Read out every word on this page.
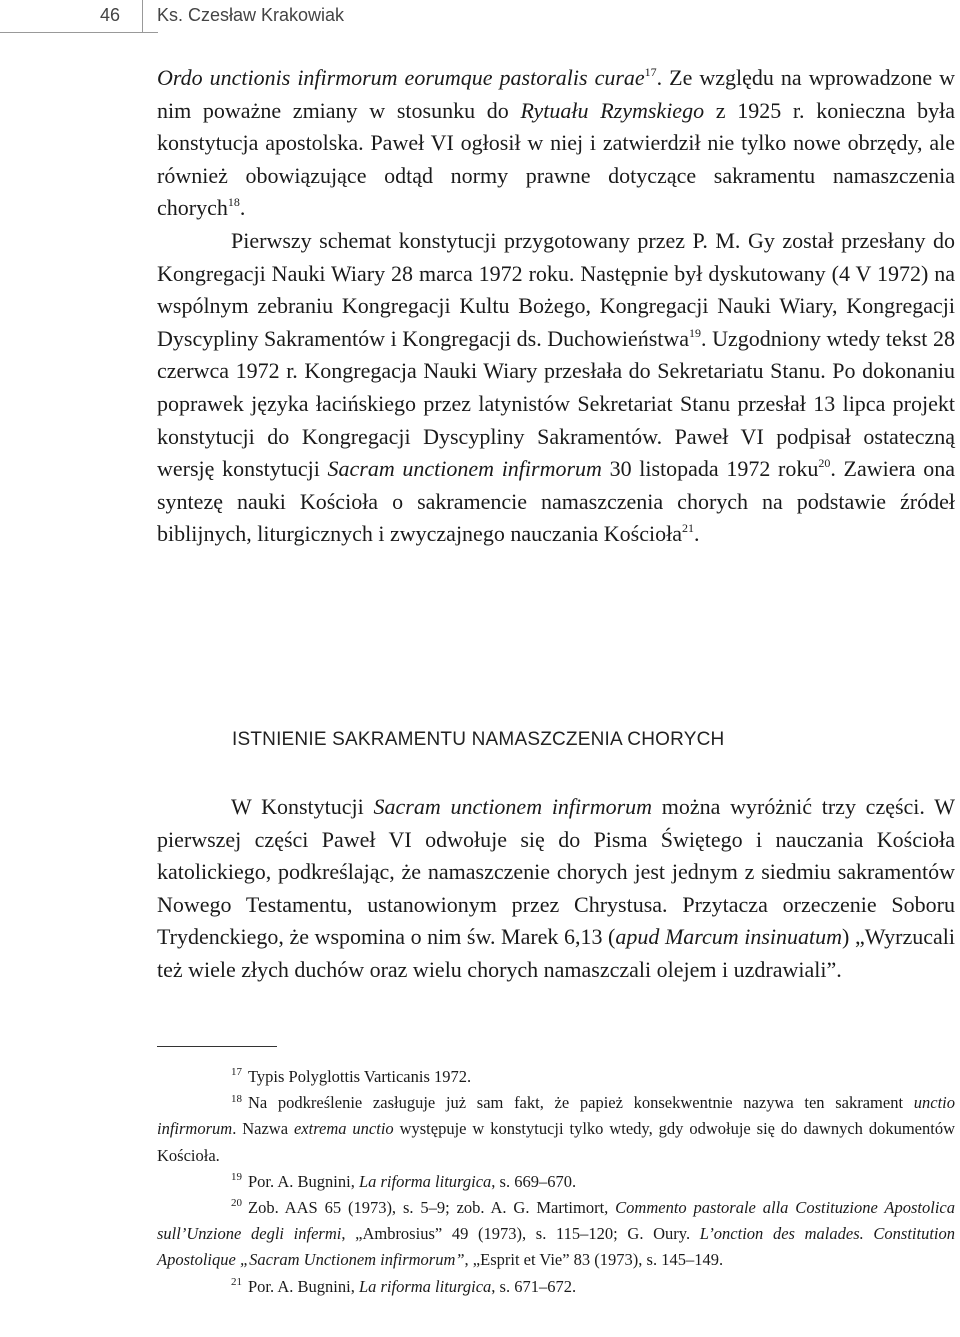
46 Ks. Czesław Krakowiak

Ordo unctionis infirmorum eorumque pastoralis curae$^{17}$. Ze względu na wprowadzone w nim poważne zmiany w stosunku do Rytuału Rzymskiego z 1925 r. konieczna była konstytucja apostolska. Paweł VI ogłosił w niej i zatwierdził nie tylko nowe obrzędy, ale również obowiązujące odtąd normy prawne dotyczące sakramentu namaszczenia chorych$^{18}$.

Pierwszy schemat konstytucji przygotowany przez P. M. Gy został przesłany do Kongregacji Nauki Wiary 28 marca 1972 roku. Następnie był dyskutowany (4 V 1972) na wspólnym zebraniu Kongregacji Kultu Bożego, Kongregacji Nauki Wiary, Kongregacji Dyscypliny Sakramentów i Kongregacji ds. Duchowieństwa$^{19}$. Uzgodniony wtedy tekst 28 czerwca 1972 r. Kongregacja Nauki Wiary przesłała do Sekretariatu Stanu. Po dokonaniu poprawek języka łacińskiego przez latynistów Sekretariat Stanu przesłał 13 lipca projekt konstytucji do Kongregacji Dyscypliny Sakramentów. Paweł VI podpisał ostateczną wersję konstytucji Sacram unctionem infirmorum 30 listopada 1972 roku$^{20}$. Zawiera ona syntezę nauki Kościoła o sakramencie namaszczenia chorych na podstawie źródeł biblijnych, liturgicznych i zwyczajnego nauczania Kościoła$^{21}$.

ISTNIENIE SAKRAMENTU NAMASZCZENIA CHORYCH

W Konstytucji Sacram unctionem infirmorum można wyróżnić trzy części. W pierwszej części Paweł VI odwołuje się do Pisma Świętego i nauczania Kościoła katolickiego, podkreślając, że namaszczenie chorych jest jednym z siedmiu sakramentów Nowego Testamentu, ustanowionym przez Chrystusa. Przytacza orzeczenie Soboru Trydenckiego, że wspomina o nim św. Marek 6,13 (apud Marcum insinuatum) „Wyrzucali też wiele złych duchów oraz wielu chorych namaszczali olejem i uzdrawiali”.

$^{17}$ Typis Polyglottis Varticanis 1972.

$^{18}$ Na podkreślenie zasługuje już sam fakt, że papież konsekwentnie nazywa ten sakrament unctio infirmorum. Nazwa extrema unctio występuje w konstytucji tylko wtedy, gdy odwołuje się do dawnych dokumentów Kościoła.

$^{19}$ Por. A. Bugnini, La riforma liturgica, s. 669–670.

$^{20}$ Zob. AAS 65 (1973), s. 5–9; zob. A. G. Martimort, Commento pastorale alla Costituzione Apostolica sull’Unzione degli infermi, „Ambrosius” 49 (1973), s. 115–120; G. Oury. L’onction des malades. Constitution Apostolique „Sacram Unctionem infirmorum”, „Esprit et Vie” 83 (1973), s. 145–149.

$^{21}$ Por. A. Bugnini, La riforma liturgica, s. 671–672.
